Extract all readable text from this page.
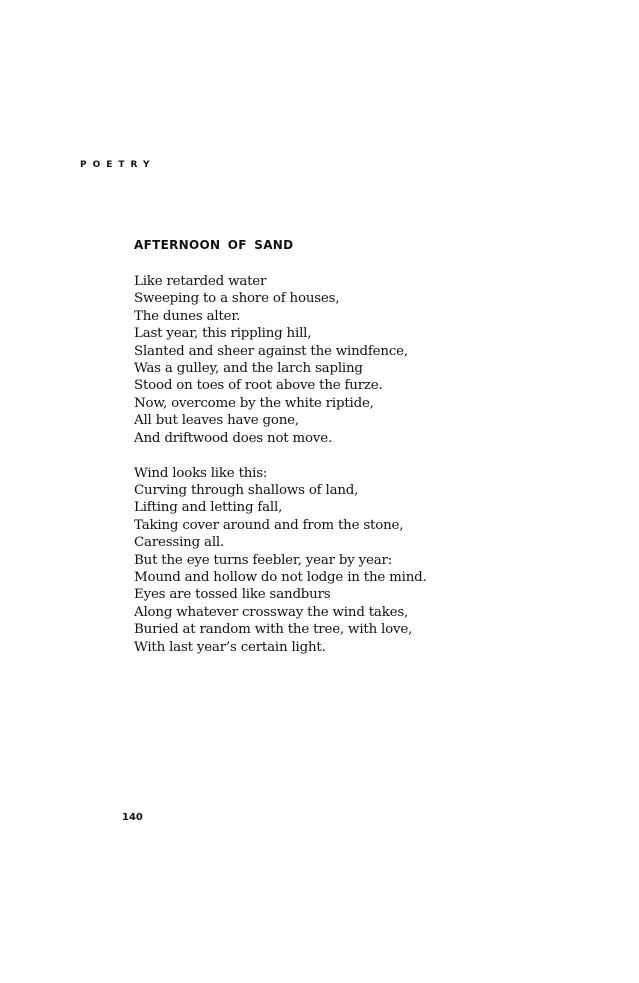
POETRY
AFTERNOON OF SAND

Like retarded water
Sweeping to a shore of houses,
The dunes alter.
Last year, this rippling hill,
Slanted and sheer against the windfence,
Was a gulley, and the larch sapling
Stood on toes of root above the furze.
Now, overcome by the white riptide,
All but leaves have gone,
And driftwood does not move.

Wind looks like this:
Curving through shallows of land,
Lifting and letting fall,
Taking cover around and from the stone,
Caressing all.
But the eye turns feebler, year by year:
Mound and hollow do not lodge in the mind.
Eyes are tossed like sandburs
Along whatever crossway the wind takes,
Buried at random with the tree, with love,
With last year’s certain light.

140
